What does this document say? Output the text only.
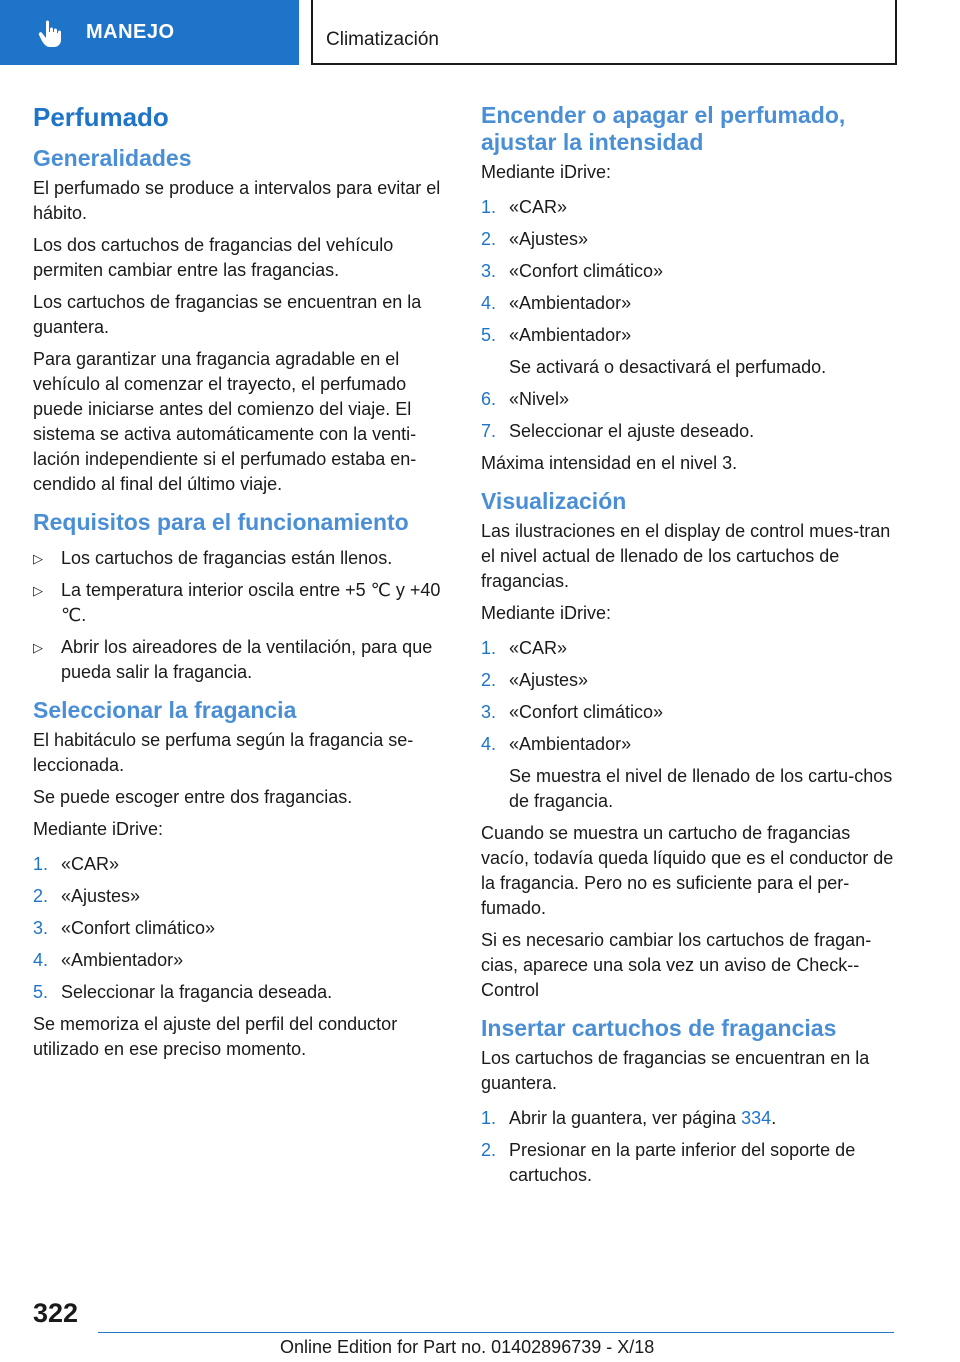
MANEJO	Climatización
Perfumado
Generalidades

El perfumado se produce a intervalos para evitar el hábito.

Los dos cartuchos de fragancias del vehículo permiten cambiar entre las fragancias.

Los cartuchos de fragancias se encuentran en la guantera.

Para garantizar una fragancia agradable en el vehículo al comenzar el trayecto, el perfumado puede iniciarse antes del comienzo del viaje. El sistema se activa automáticamente con la venti-lación independiente si el perfumado estaba en-cendido al final del último viaje.

Requisitos para el funcionamiento
▷	Los cartuchos de fragancias están llenos.
▷	La temperatura interior oscila entre +5 ℃ y +40 ℃.
▷	Abrir los aireadores de la ventilación, para que pueda salir la fragancia.
Seleccionar la fragancia

El habitáculo se perfuma según la fragancia se-leccionada.

Se puede escoger entre dos fragancias.

Mediante iDrive:

1. «CAR»
2. «Ajustes»
3. «Confort climático»
4. «Ambientador»
5. Seleccionar la fragancia deseada.

Se memoriza el ajuste del perfil del conductor utilizado en ese preciso momento.

Encender o apagar el perfumado, ajustar la intensidad

Mediante iDrive:

1. «CAR»
2. «Ajustes»
3. «Confort climático»
4. «Ambientador»
5. «Ambientador»
Se activará o desactivará el perfumado.
6. «Nivel»
7. Seleccionar el ajuste deseado.

Máxima intensidad en el nivel 3.

Visualización

Las ilustraciones en el display de control mues-tran el nivel actual de llenado de los cartuchos de fragancias.

Mediante iDrive:

1. «CAR»
2. «Ajustes»
3. «Confort climático»
4. «Ambientador»
Se muestra el nivel de llenado de los cartu-chos de fragancia.

Cuando se muestra un cartucho de fragancias vacío, todavía queda líquido que es el conductor de la fragancia. Pero no es suficiente para el per-fumado.

Si es necesario cambiar los cartuchos de fragan-cias, aparece una sola vez un aviso de Check--Control

Insertar cartuchos de fragancias

Los cartuchos de fragancias se encuentran en la guantera.

1. Abrir la guantera, ver página 334.
2. Presionar en la parte inferior del soporte de cartuchos.
322
Online Edition for Part no. 01402896739 - X/18
